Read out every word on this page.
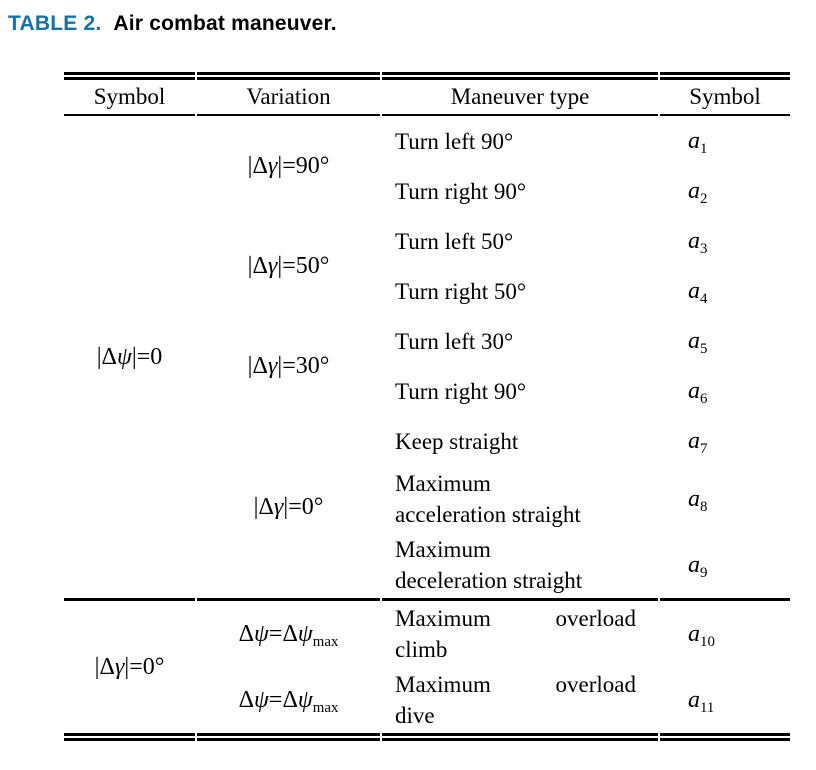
TABLE 2. Air combat maneuver.
Symbol	Variation	Maneuver type	Symbol
|Δψ|=0	|Δγ|=90°	Turn left 90°	$a_1$

		Turn right 90°	$a_2$
	|Δγ|=50°	Turn left 50°	$a_3$

		Turn right 50°	$a_4$
	|Δγ|=30°	Turn left 30°	$a_5$

		Turn right 90°	$a_6$
	|Δγ|=0°	Keep straight	$a_7$

		Maximum
acceleration straight	$a_8$

		Maximum
deceleration straight	$a_9$
|Δγ|=0°	$\Delta\psi=\Delta\psi_{max}$	Maximum overload
climb	$a_{10}$
	$\Delta\psi=\Delta\psi_{max}$	Maximum overload
dive	$a_{11}$
